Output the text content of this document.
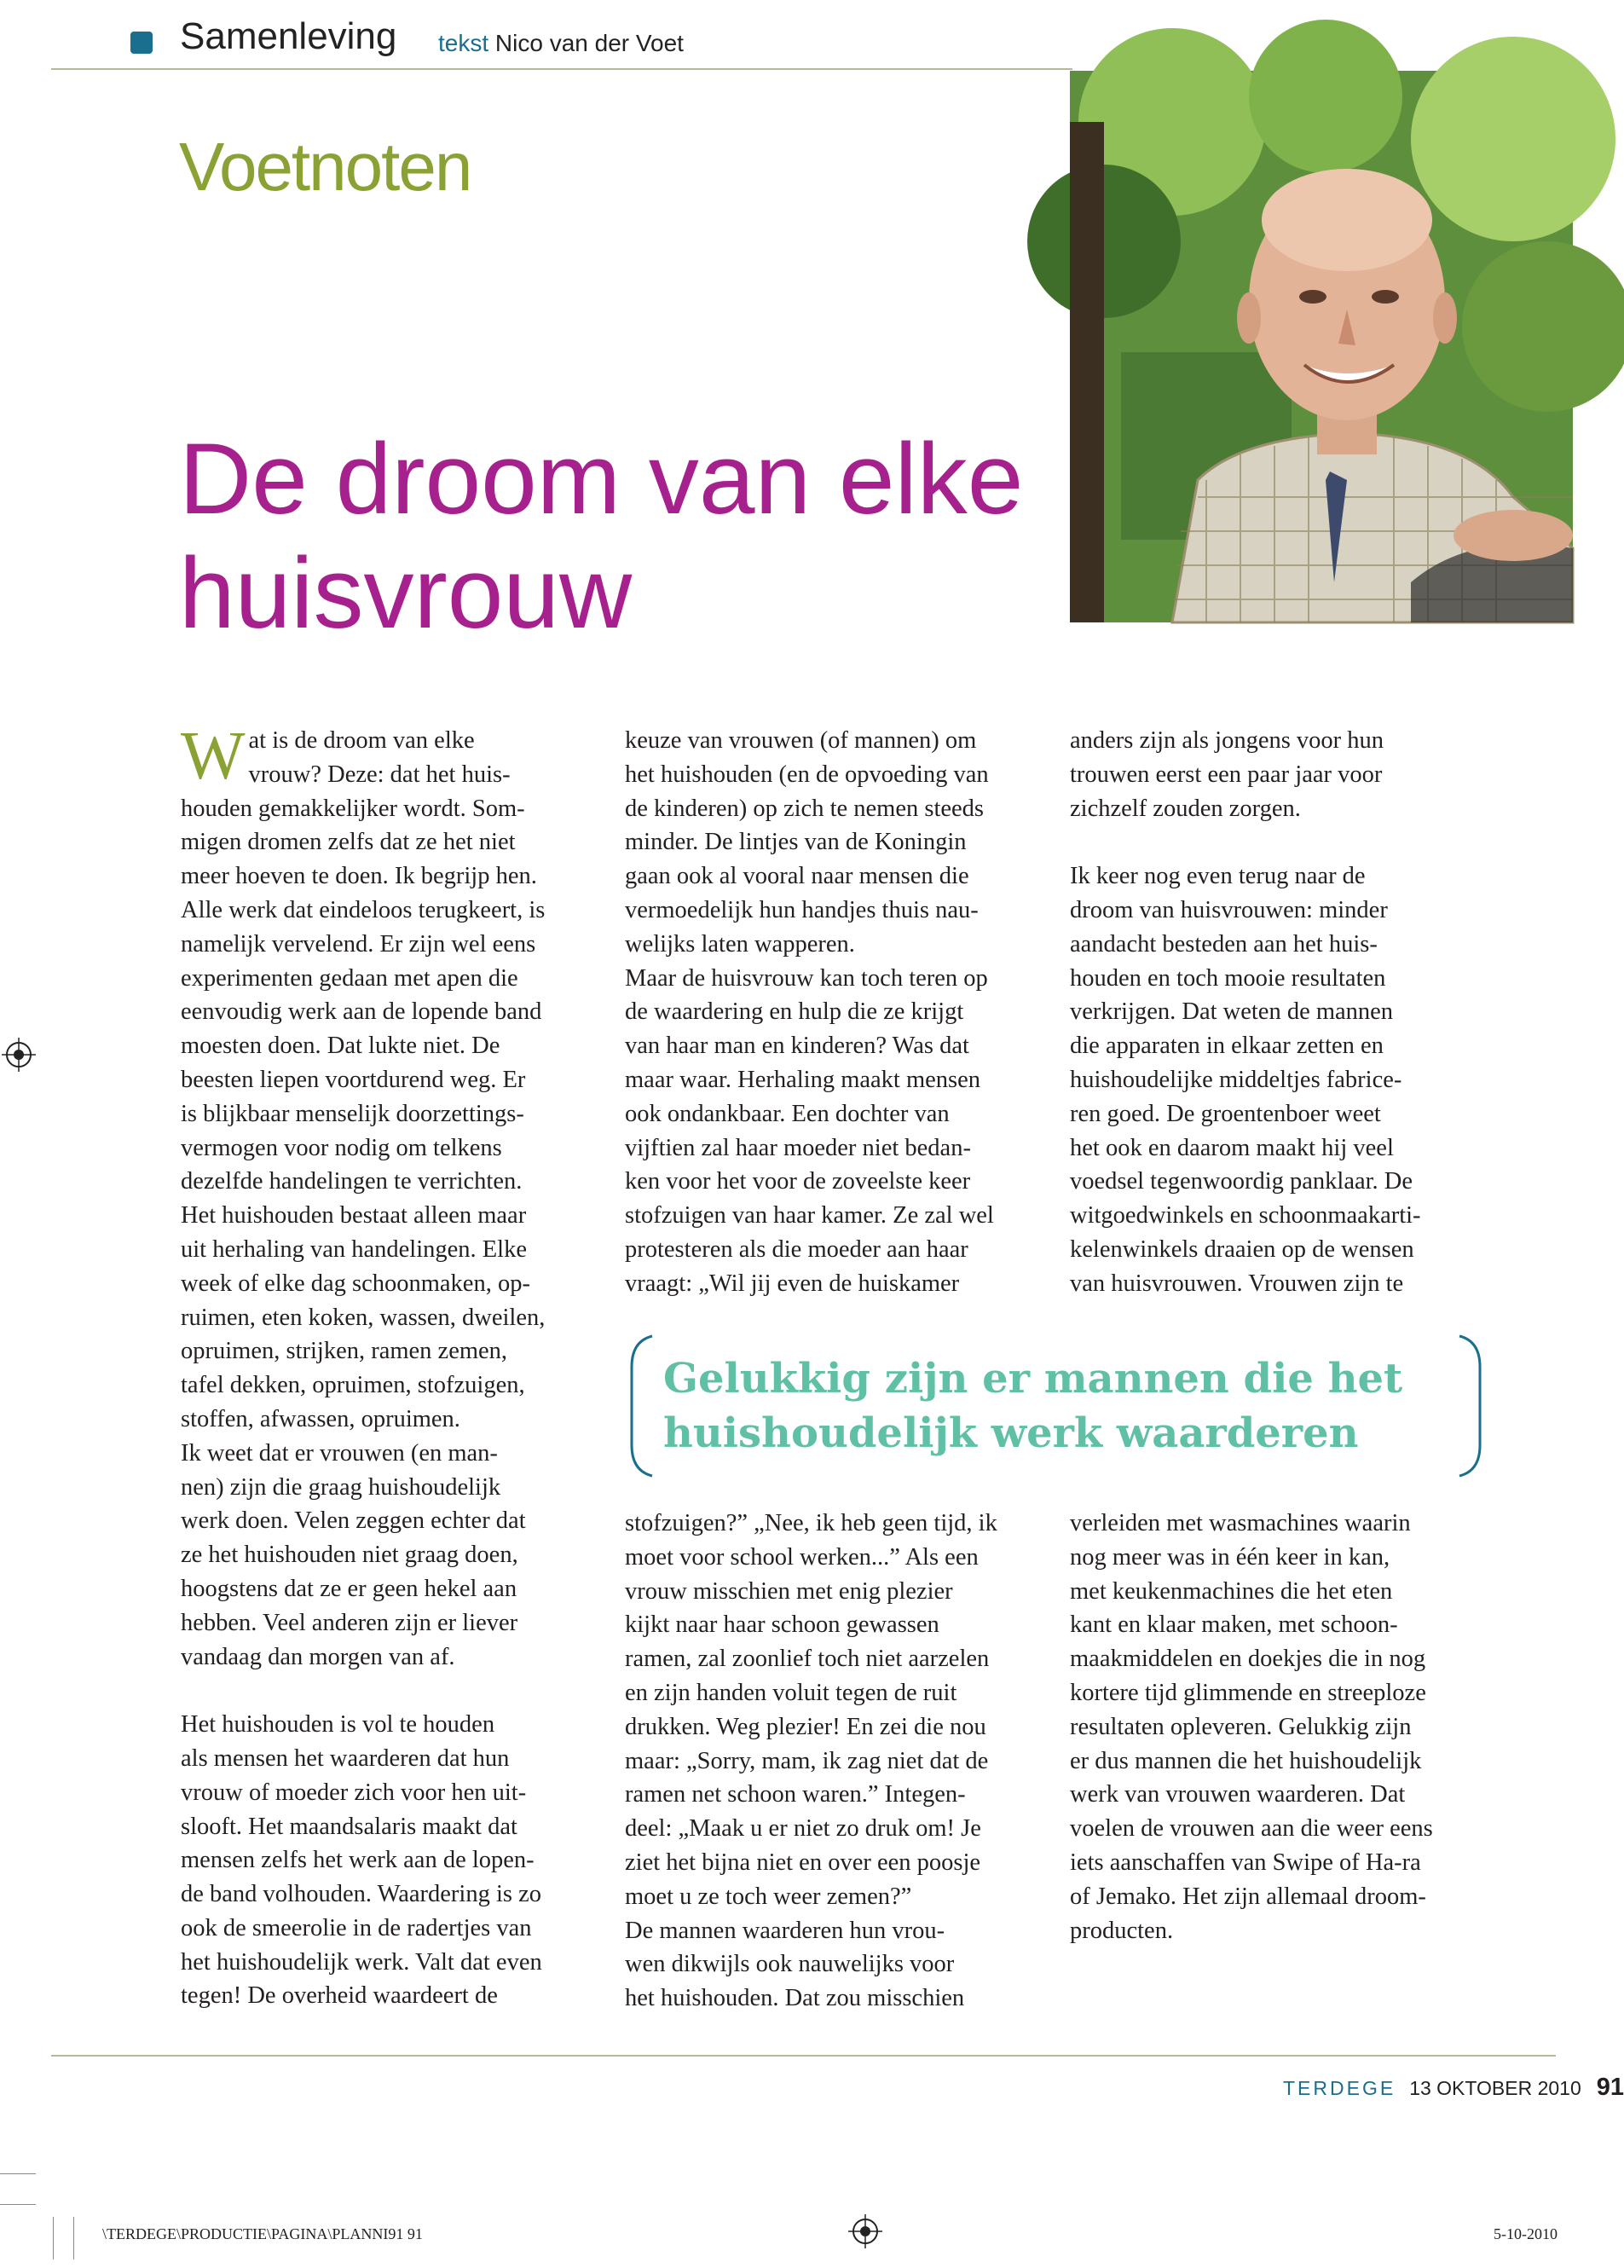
Samenleving tekst Nico van der Voet
Voetnoten
De droom van elke huisvrouw
Wat is de droom van elke
vrouw? Deze: dat het huis-
houden gemakkelijker wordt. Som-
migen dromen zelfs dat ze het niet
meer hoeven te doen. Ik begrijp hen.
Alle werk dat eindeloos terugkeert, is
namelijk vervelend. Er zijn wel eens
experimenten gedaan met apen die
eenvoudig werk aan de lopende band
moesten doen. Dat lukte niet. De
beesten liepen voortdurend weg. Er
is blijkbaar menselijk doorzettings-
vermogen voor nodig om telkens
dezelfde handelingen te verrichten.
Het huishouden bestaat alleen maar
uit herhaling van handelingen. Elke
week of elke dag schoonmaken, op-
ruimen, eten koken, wassen, dweilen,
opruimen, strijken, ramen zemen,
tafel dekken, opruimen, stofzuigen,
stoffen, afwassen, opruimen.
Ik weet dat er vrouwen (en man-
nen) zijn die graag huishoudelijk
werk doen. Velen zeggen echter dat
ze het huishouden niet graag doen,
hoogstens dat ze er geen hekel aan
hebben. Veel anderen zijn er liever
vandaag dan morgen van af.

Het huishouden is vol te houden
als mensen het waarderen dat hun
vrouw of moeder zich voor hen uit-
slooft. Het maandsalaris maakt dat
mensen zelfs het werk aan de lopen-
de band volhouden. Waardering is zo
ook de smeerolie in de radertjes van
het huishoudelijk werk. Valt dat even
tegen! De overheid waardeert de
keuze van vrouwen (of mannen) om
het huishouden (en de opvoeding van
de kinderen) op zich te nemen steeds
minder. De lintjes van de Koningin
gaan ook al vooral naar mensen die
vermoedelijk hun handjes thuis nau-
welijks laten wapperen.
Maar de huisvrouw kan toch teren op
de waardering en hulp die ze krijgt
van haar man en kinderen? Was dat
maar waar. Herhaling maakt mensen
ook ondankbaar. Een dochter van
vijftien zal haar moeder niet bedan-
ken voor het voor de zoveelste keer
stofzuigen van haar kamer. Ze zal wel
protesteren als die moeder aan haar
vraagt: „Wil jij even de huiskamer
anders zijn als jongens voor hun
trouwen eerst een paar jaar voor
zichzelf zouden zorgen.

Ik keer nog even terug naar de
droom van huisvrouwen: minder
aandacht besteden aan het huis-
houden en toch mooie resultaten
verkrijgen. Dat weten de mannen
die apparaten in elkaar zetten en
huishoudelijke middeltjes fabrice-
ren goed. De groentenboer weet
het ook en daarom maakt hij veel
voedsel tegenwoordig panklaar. De
witgoedwinkels en schoonmaakarti-
kelenwinkels draaien op de wensen
van huisvrouwen. Vrouwen zijn te
Gelukkig zijn er mannen die het huishoudelijk werk waarderen
stofzuigen?” „Nee, ik heb geen tijd, ik
moet voor school werken...” Als een
vrouw misschien met enig plezier
kijkt naar haar schoon gewassen
ramen, zal zoonlief toch niet aarzelen
en zijn handen voluit tegen de ruit
drukken. Weg plezier! En zei die nou
maar: „Sorry, mam, ik zag niet dat de
ramen net schoon waren.” Integen-
deel: „Maak u er niet zo druk om! Je
ziet het bijna niet en over een poosje
moet u ze toch weer zemen?”
De mannen waarderen hun vrou-
wen dikwijls ook nauwelijks voor
het huishouden. Dat zou misschien
verleiden met wasmachines waarin
nog meer was in één keer in kan,
met keukenmachines die het eten
kant en klaar maken, met schoon-
maakmiddelen en doekjes die in nog
kortere tijd glimmende en streeploze
resultaten opleveren. Gelukkig zijn
er dus mannen die het huishoudelijk
werk van vrouwen waarderen. Dat
voelen de vrouwen aan die weer eens
iets aanschaffen van Swipe of Ha-ra
of Jemako. Het zijn allemaal droom-
producten.
TERDEGE 13 OKTOBER 2010 91
\TERDEGE\PRODUCTIE\PAGINA\PLANNI91 91	5-10-2010
